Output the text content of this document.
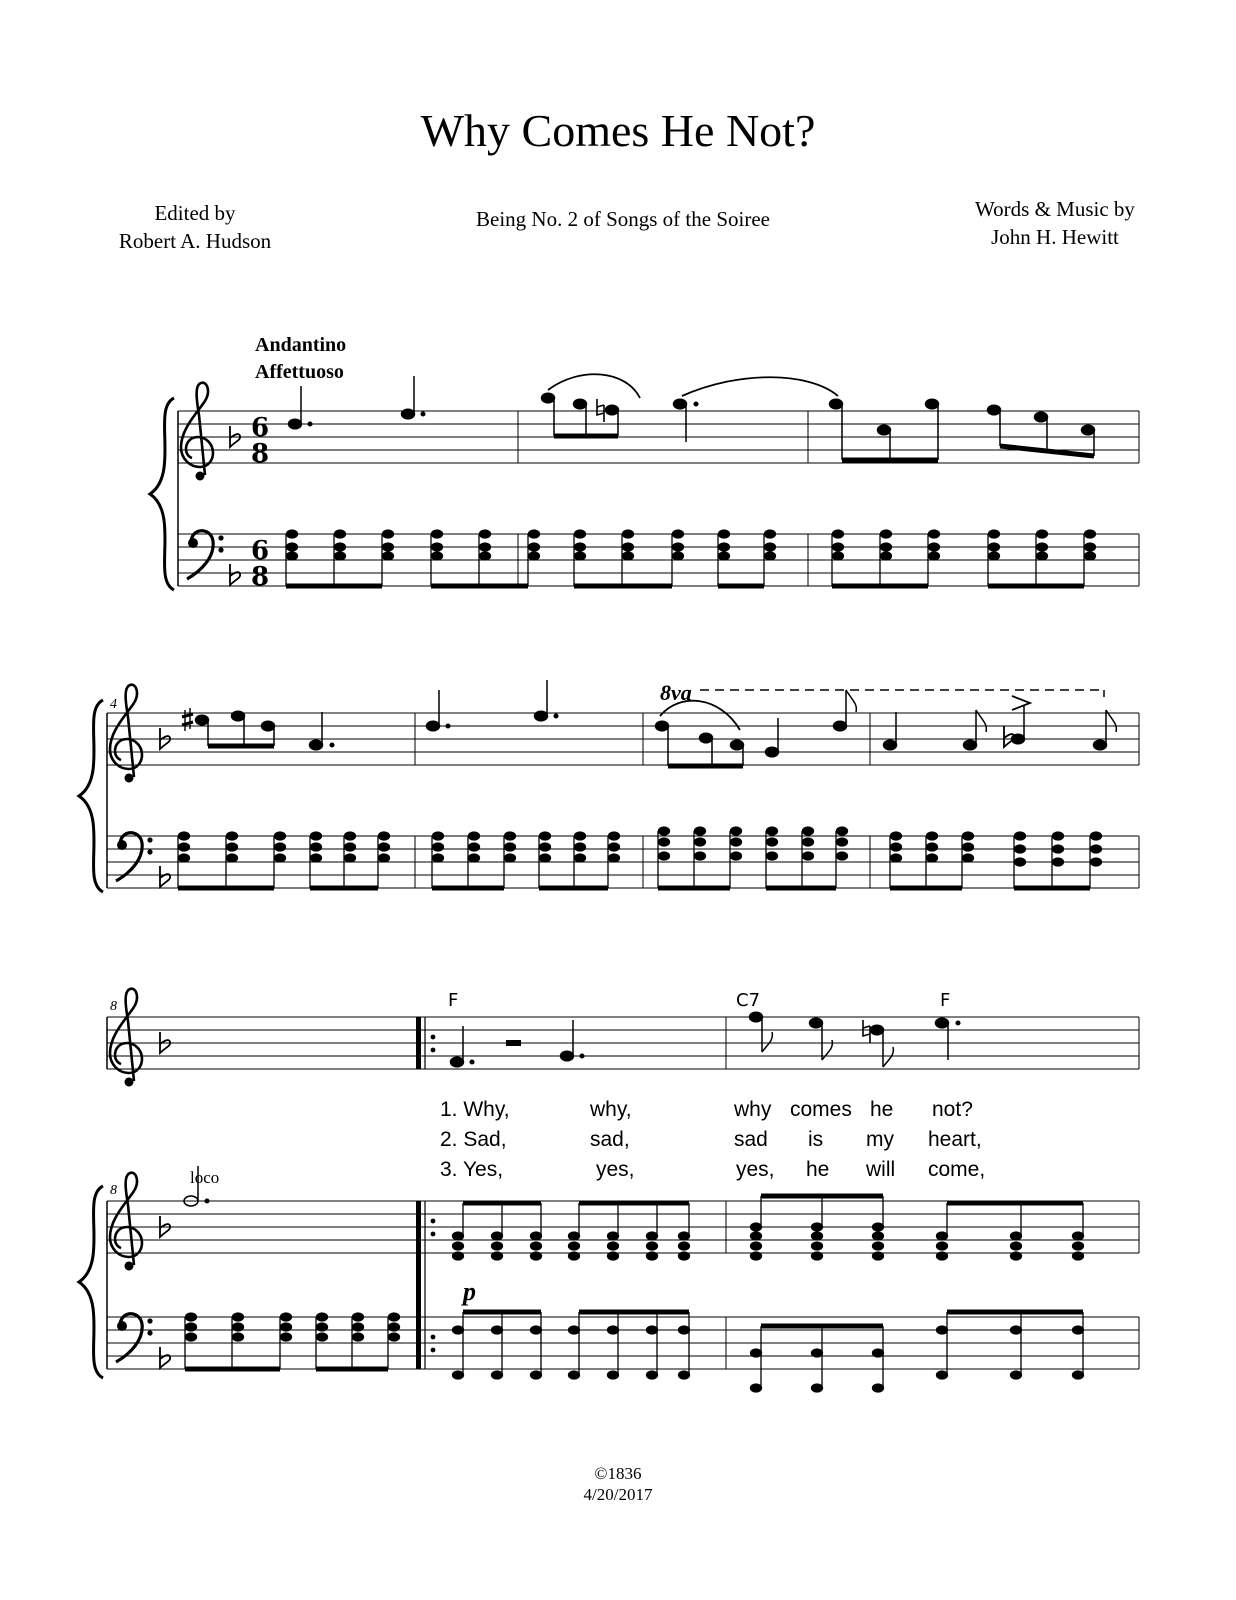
Why Comes He Not?
Edited by
Robert A. Hudson
Being No. 2 of Songs of the Soiree	Words & Music by
John H. Hewitt
Andantino
Affettuoso
6
8
6
8
4	8va
8
8
loco
p
F	C7	F
1. Why,	why,	why comes he not?
2. Sad,	sad,	sad is my heart,
3. Yes,	yes,	yes, he will come,
©1836
4/20/2017
